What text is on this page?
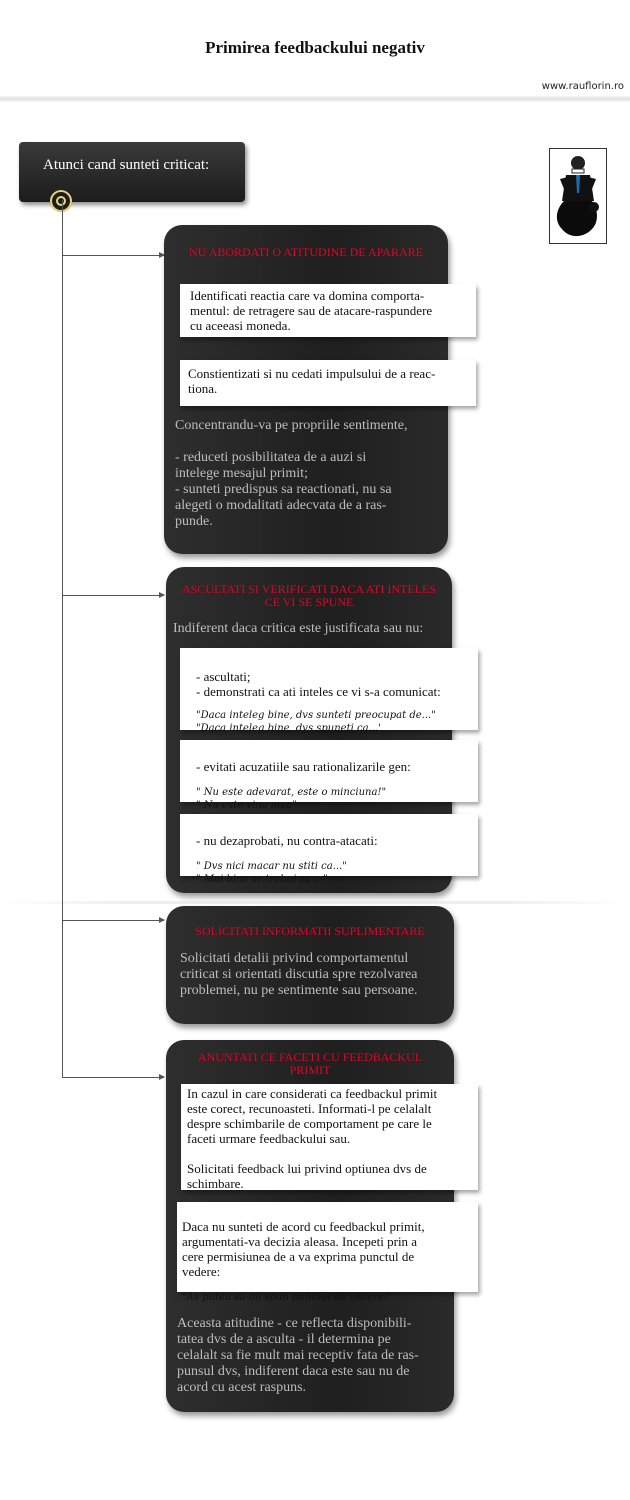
Primirea feedbackului negativ
www.rauflorin.ro
Atunci cand sunteti criticat:
NU ABORDATI O ATITUDINE DE APARARE
Identificati reactia care va domina comporta-
mentul: de retragere sau de atacare-raspundere
cu aceeasi moneda.
Constientizati si nu cedati impulsului de a reac-
tiona.
Concentrandu-va pe propriile sentimente,

- reduceti posibilitatea de a auzi si
intelege mesajul primit;
- sunteti predispus sa reactionati, nu sa
alegeti o modalitati adecvata de a ras-
punde.
ASCULTATI SI VERIFICATI DACA ATI INTELES CE VI SE SPUNE
Indiferent daca critica este justificata sau nu:

- ascultati;
- demonstrati ca ati inteles ce vi s-a comunicat:

"Daca inteleg bine, dvs sunteti preocupat de..."
"Daca inteleg bine, dvs spuneti ca...'

- evitati acuzatiile sau rationalizarile gen:

" Nu este adevarat, este o minciuna!"
" Nu este vina mea"

- nu dezaprobati, nu contra-atacati:

" Dvs nici macar nu stiti ca..."
" Mai bine ar trebui sa ..."

SOLICITATI INFORMATII SUPLIMENTARE
Solicitati detalii privind comportamentul
criticat si orientati discutia spre rezolvarea
problemei, nu pe sentimente sau persoane.
ANUNTATI CE FACETI CU FEEDBACKUL PRIMIT
In cazul in care considerati ca feedbackul primit
este corect, recunoasteti. Informati-l pe celalalt
despre schimbarile de comportament pe care le
faceti urmare feedbackului sau.

Solicitati feedback lui privind optiunea dvs de
schimbare.

Daca nu sunteti de acord cu feedbackul primit,
argumentati-va decizia aleasa. Incepeti prin a
cere permisiunea de a va exprima punctul de
vedere:

"As putea sa-mi spun punctul de vedere?"

Aceasta atitudine - ce reflecta disponibili-
tatea dvs de a asculta - il determina pe
celalalt sa fie mult mai receptiv fata de ras-
punsul dvs, indiferent daca este sau nu de
acord cu acest raspuns.
